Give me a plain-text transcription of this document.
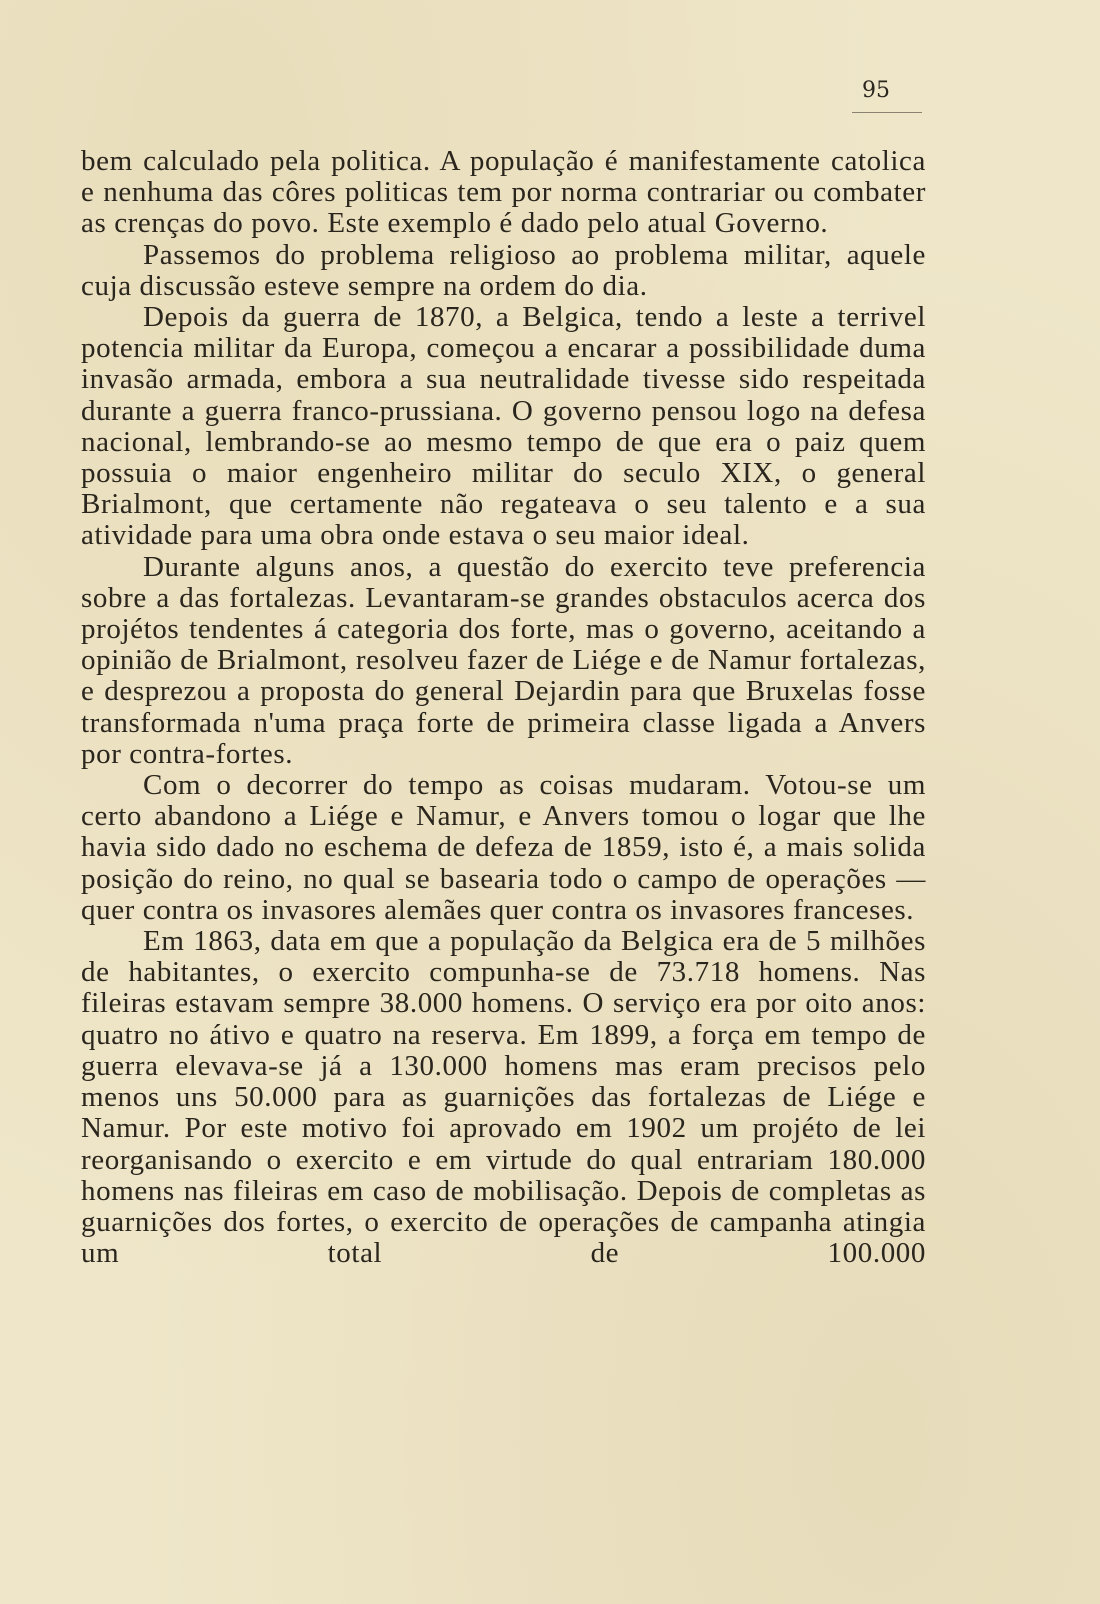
95

bem calculado pela politica. A população é manifestamente catolica e nenhuma das côres politicas tem por norma contrariar ou combater as crenças do povo. Este exemplo é dado pelo atual Governo.

Passemos do problema religioso ao problema militar, aquele cuja discussão esteve sempre na ordem do dia.

Depois da guerra de 1870, a Belgica, tendo a leste a terrivel potencia militar da Europa, começou a encarar a possibilidade duma invasão armada, embora a sua neutralidade tivesse sido respeitada durante a guerra franco-prussiana. O governo pensou logo na defesa nacional, lembrando-se ao mesmo tempo de que era o paiz quem possuia o maior engenheiro militar do seculo XIX, o general Brialmont, que certamente não regateava o seu talento e a sua atividade para uma obra onde estava o seu maior ideal.

Durante alguns anos, a questão do exercito teve preferencia sobre a das fortalezas. Levantaram-se grandes obstaculos acerca dos projétos tendentes á categoria dos forte, mas o governo, aceitando a opinião de Brialmont, resolveu fazer de Liége e de Namur fortalezas, e desprezou a proposta do general Dejardin para que Bruxelas fosse transformada n'uma praça forte de primeira classe ligada a Anvers por contra-fortes.

Com o decorrer do tempo as coisas mudaram. Votou-se um certo abandono a Liége e Namur, e Anvers tomou o logar que lhe havia sido dado no eschema de defeza de 1859, isto é, a mais solida posição do reino, no qual se basearia todo o campo de operações — quer contra os invasores alemães quer contra os invasores franceses.

Em 1863, data em que a população da Belgica era de 5 milhões de habitantes, o exercito compunha-se de 73.718 homens. Nas fileiras estavam sempre 38.000 homens. O serviço era por oito anos: quatro no átivo e quatro na reserva. Em 1899, a força em tempo de guerra elevava-se já a 130.000 homens mas eram precisos pelo menos uns 50.000 para as guarnições das fortalezas de Liége e Namur. Por este motivo foi aprovado em 1902 um projéto de lei reorganisando o exercito e em virtude do qual entrariam 180.000 homens nas fileiras em caso de mobilisação. Depois de completas as guarnições dos fortes, o exercito de operações de campanha atingia um total de 100.000
